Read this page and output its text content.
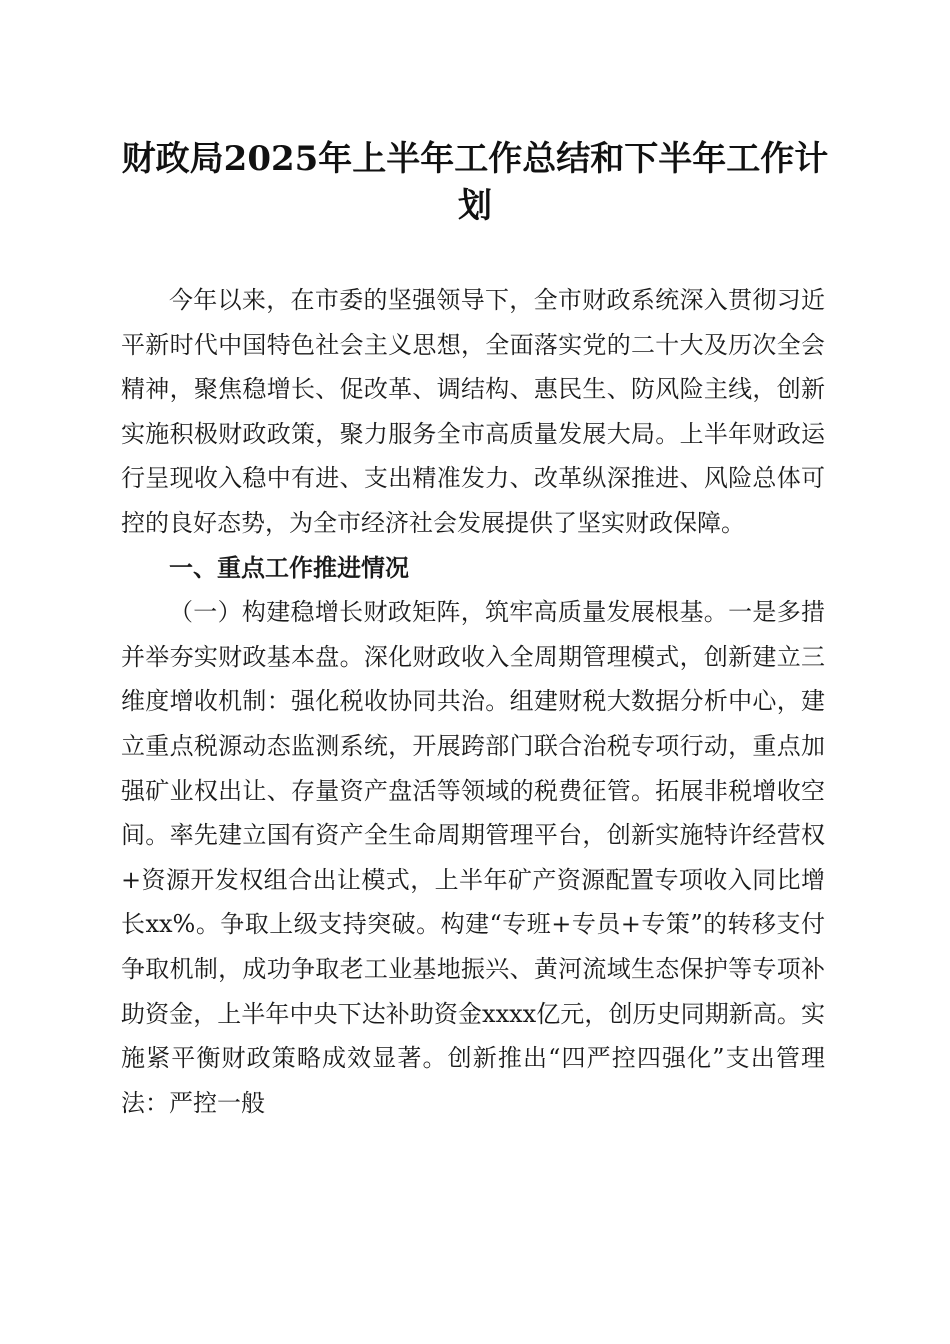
财政局2025年上半年工作总结和下半年工作计划

今年以来，在市委的坚强领导下，全市财政系统深入贯彻习近平新时代中国特色社会主义思想，全面落实党的二十大及历次全会精神，聚焦稳增长、促改革、调结构、惠民生、防风险主线，创新实施积极财政政策，聚力服务全市高质量发展大局。上半年财政运行呈现收入稳中有进、支出精准发力、改革纵深推进、风险总体可控的良好态势，为全市经济社会发展提供了坚实财政保障。

一、重点工作推进情况

（一）构建稳增长财政矩阵，筑牢高质量发展根基。一是多措并举夯实财政基本盘。深化财政收入全周期管理模式，创新建立三维度增收机制：强化税收协同共治。组建财税大数据分析中心，建立重点税源动态监测系统，开展跨部门联合治税专项行动，重点加强矿业权出让、存量资产盘活等领域的税费征管。拓展非税增收空间。率先建立国有资产全生命周期管理平台，创新实施特许经营权+资源开发权组合出让模式，上半年矿产资源配置专项收入同比增长xx%。争取上级支持突破。构建“专班+专员+专策”的转移支付争取机制，成功争取老工业基地振兴、黄河流域生态保护等专项补助资金，上半年中央下达补助资金xxxx亿元，创历史同期新高。实施紧平衡财政策略成效显著。创新推出“四严控四强化”支出管理法：严控一般
